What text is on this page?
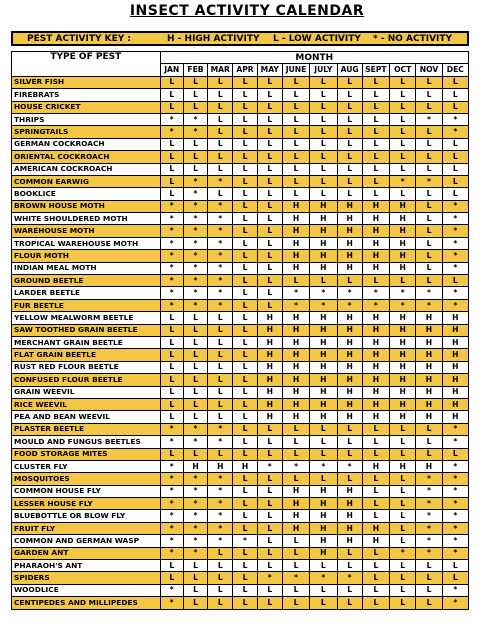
INSECT ACTIVITY CALENDAR
PEST ACTIVITY KEY :	H - HIGH ACTIVITY	L - LOW ACTIVITY	* - NO ACTIVITY
TYPE OF PEST	MONTH											
	JAN	FEB	MAR	APR	MAY	JUNE	JULY	AUG	SEPT	OCT	NOV	DEC
SILVER FISH	L	L	L	L	L	L	L	L	L	L	L	L
FIREBRATS	L	L	L	L	L	L	L	L	L	L	L	L
HOUSE CRICKET	L	L	L	L	L	L	L	L	L	L	L	L
THRIPS	*	*	L	L	L	L	L	L	L	L	*	*
SPRINGTAILS	*	*	L	L	L	L	L	L	L	L	L	*
GERMAN COCKROACH	L	L	L	L	L	L	L	L	L	L	L	L
ORIENTAL COCKROACH	L	L	L	L	L	L	L	L	L	L	L	L
AMERICAN COCKROACH	L	L	L	L	L	L	L	L	L	L	L	L
COMMON EARWIG	L	*	*	L	L	L	L	L	L	*	*	L
BOOKLICE	L	*	L	L	L	L	L	L	L	L	L	L
BROWN HOUSE MOTH	*	*	*	L	L	H	H	H	H	H	L	*
WHITE SHOULDERED MOTH	*	*	*	L	L	H	H	H	H	H	L	*
WAREHOUSE MOTH	*	*	*	L	L	H	H	H	H	H	L	*
TROPICAL WAREHOUSE MOTH	*	*	*	L	L	H	H	H	H	H	L	*
FLOUR MOTH	*	*	*	L	L	H	H	H	H	H	L	*
INDIAN MEAL MOTH	*	*	*	L	L	H	H	H	H	H	L	*
GROUND BEETLE	*	*	*	L	L	L	L	L	L	L	L	L
LARDER BEETLE	*	*	*	L	L	*	*	*	*	*	*	*
FUR BEETLE	*	*	*	L	L	*	*	*	*	*	*	*
YELLOW MEALWORM BEETLE	L	L	L	L	H	H	H	H	H	H	H	H
SAW TOOTHED GRAIN BEETLE	L	L	L	L	H	H	H	H	H	H	H	H
MERCHANT GRAIN BEETLE	L	L	L	L	H	H	H	H	H	H	H	H
FLAT GRAIN BEETLE	L	L	L	L	H	H	H	H	H	H	H	H
RUST RED FLOUR BEETLE	L	L	L	L	H	H	H	H	H	H	H	H
CONFUSED FLOUR BEETLE	L	L	L	L	H	H	H	H	H	H	H	H
GRAIN WEEVIL	L	L	L	L	H	H	H	H	H	H	H	H
RICE WEEVIL	L	L	L	L	H	H	H	H	H	H	H	H
PEA AND BEAN WEEVIL	L	L	L	L	H	H	H	H	H	H	H	H
PLASTER BEETLE	*	*	*	L	L	L	L	L	L	L	L	*
MOULD AND FUNGUS BEETLES	*	*	*	L	L	L	L	L	L	L	L	*
FOOD STORAGE MITES	L	L	L	L	L	L	L	L	L	L	L	L
CLUSTER FLY	*	H	H	H	*	*	*	*	H	H	H	*
MOSQUITOES	*	*	*	L	L	L	L	L	L	L	*	*
COMMON HOUSE FLY	*	*	*	L	L	H	H	H	L	L	*	*
LESSER HOUSE FLY	*	*	*	L	L	H	H	H	L	L	*	*
BLUEBOTTLE OR BLOW FLY	*	*	*	L	L	H	H	H	L	L	*	*
FRUIT FLY	*	*	*	L	L	H	H	H	H	L	*	*
COMMON AND GERMAN WASP	*	*	*	*	L	L	H	H	H	L	*	*
GARDEN ANT	*	*	L	L	L	L	H	L	L	*	*	*
PHARAOH'S ANT	L	L	L	L	L	L	L	L	L	L	L	L
SPIDERS	L	L	L	L	*	*	*	*	L	L	L	L
WOODLICE	*	L	L	L	L	L	L	L	L	L	L	*
CENTIPEDES AND MILLIPEDES	*	L	L	L	L	L	L	L	L	L	L	*
